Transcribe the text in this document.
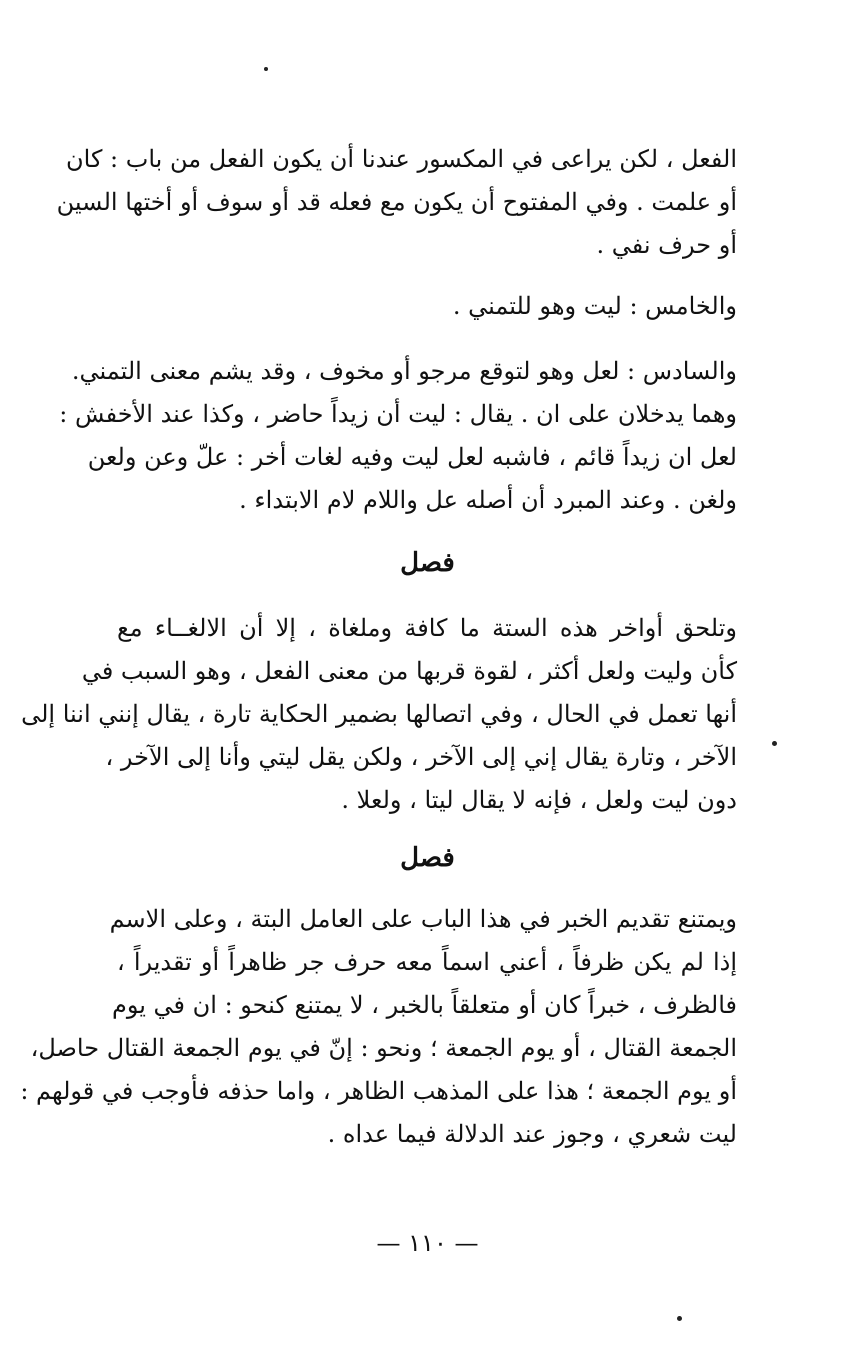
الفعل ، لكن يراعى في المكسور عندنا أن يكون الفعل من باب : كان
أو علمت . وفي المفتوح أن يكون مع فعله قد أو سوف أو أختها السين
أو حرف نفي .
والخامس : ليت وهو للتمني .
والسادس : لعل وهو لتوقع مرجو أو مخوف ، وقد يشم معنى التمني.
وهما يدخلان على ان . يقال : ليت أن زيداً حاضر ، وكذا عند الأخفش :
لعل ان زيداً قائم ، فاشبه لعل ليت وفيه لغات أخر : علّ وعن ولعن
ولغن . وعند المبرد أن أصله عل واللام لام الابتداء .
فصل
وتلحق أواخر هذه الستة ما كافة وملغاة ، إلا أن الالغــاء مع
كأن وليت ولعل أكثر ، لقوة قربها من معنى الفعل ، وهو السبب في
أنها تعمل في الحال ، وفي اتصالها بضمير الحكاية تارة ، يقال إنني اننا إلى
الآخر ، وتارة يقال إني إلى الآخر ، ولكن يقل ليتي وأنا إلى الآخر ،
دون ليت ولعل ، فإنه لا يقال ليتا ، ولعلا .
فصل
ويمتنع تقديم الخبر في هذا الباب على العامل البتة ، وعلى الاسم
إذا لم يكن ظرفاً ، أعني اسماً معه حرف جر ظاهراً أو تقديراً ،
فالظرف ، خبراً كان أو متعلقاً بالخبر ، لا يمتنع كنحو : ان في يوم
الجمعة القتال ، أو يوم الجمعة ؛ ونحو : إنّ في يوم الجمعة القتال حاصل،
أو يوم الجمعة ؛ هذا على المذهب الظاهر ، واما حذفه فأوجب في قولهم :
ليت شعري ، وجوز عند الدلالة فيما عداه .
— ١١٠ —
